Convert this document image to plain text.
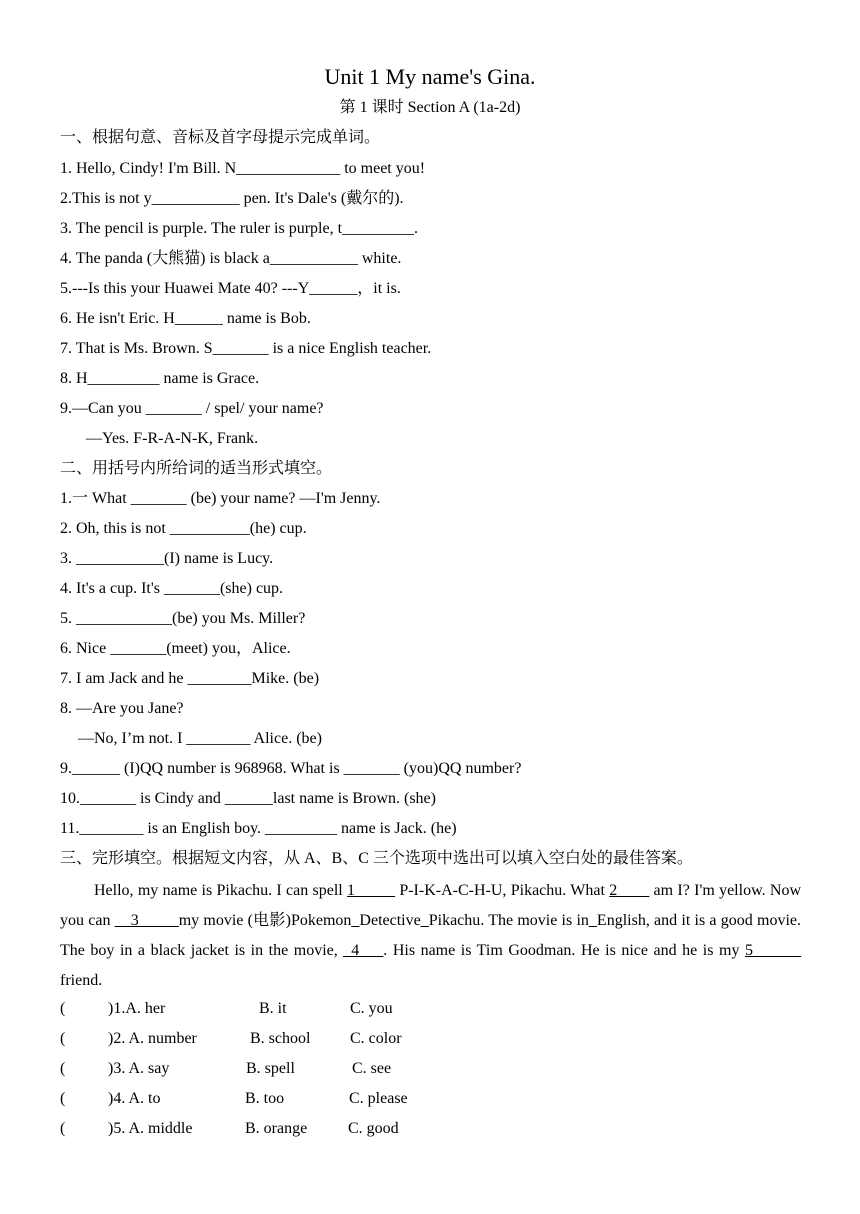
Unit 1 My name's Gina.
第 1 课时 Section A (1a-2d)
一、根据句意、音标及首字母提示完成单词。
1. Hello, Cindy! I'm Bill. N_____________ to meet you!
2.This is not y___________ pen. It's Dale's (戴尔的).
3. The pencil is purple. The ruler is purple, t_________.
4. The panda (大熊猫) is black a___________ white.
5.---Is this your Huawei Mate 40? ---Y______，it is.
6. He isn't Eric. H______ name is Bob.
7. That is Ms. Brown. S_______ is a nice English teacher.
8. H_________ name is Grace.
9.—Can you _______ / spel/ your name?
—Yes. F-R-A-N-K, Frank.
二、用括号内所给词的适当形式填空。
1.一 What _______ (be) your name? —I'm Jenny.
2. Oh, this is not __________(he) cup.
3. ___________(I) name is Lucy.
4. It's a cup. It's _______(she) cup.
5. ____________(be) you Ms. Miller?
6. Nice _______(meet) you，Alice.
7. I am Jack and he ________Mike. (be)
8. —Are you Jane?
—No, I’m not. I ________ Alice. (be)
9.______ (I)QQ number is 968968. What is _______ (you)QQ number?
10._______ is Cindy and ______last name is Brown. (she)
11.________ is an English boy. _________ name is Jack. (he)
三、完形填空。根据短文内容，从 A、B、C 三个选项中选出可以填入空白处的最佳答案。
Hello, my name is Pikachu. I can spell 1_____ P-I-K-A-C-H-U, Pikachu. What 2____ am I? I'm yellow. Now you can __3_____my movie (电影)Pokemon_Detective_Pikachu. The movie is in_English, and it is a good movie. The boy in a black jacket is in the movie, _4___. His name is Tim Goodman. He is nice and he is my 5______ friend.
(	)1.A. her	B. it	C. you
(	)2. A. number	B. school C. color
(	)3. A. say	B. spell	C. see
(	)4. A. to	B. too	C. please
(	)5. A. middle	B. orange	C. good
